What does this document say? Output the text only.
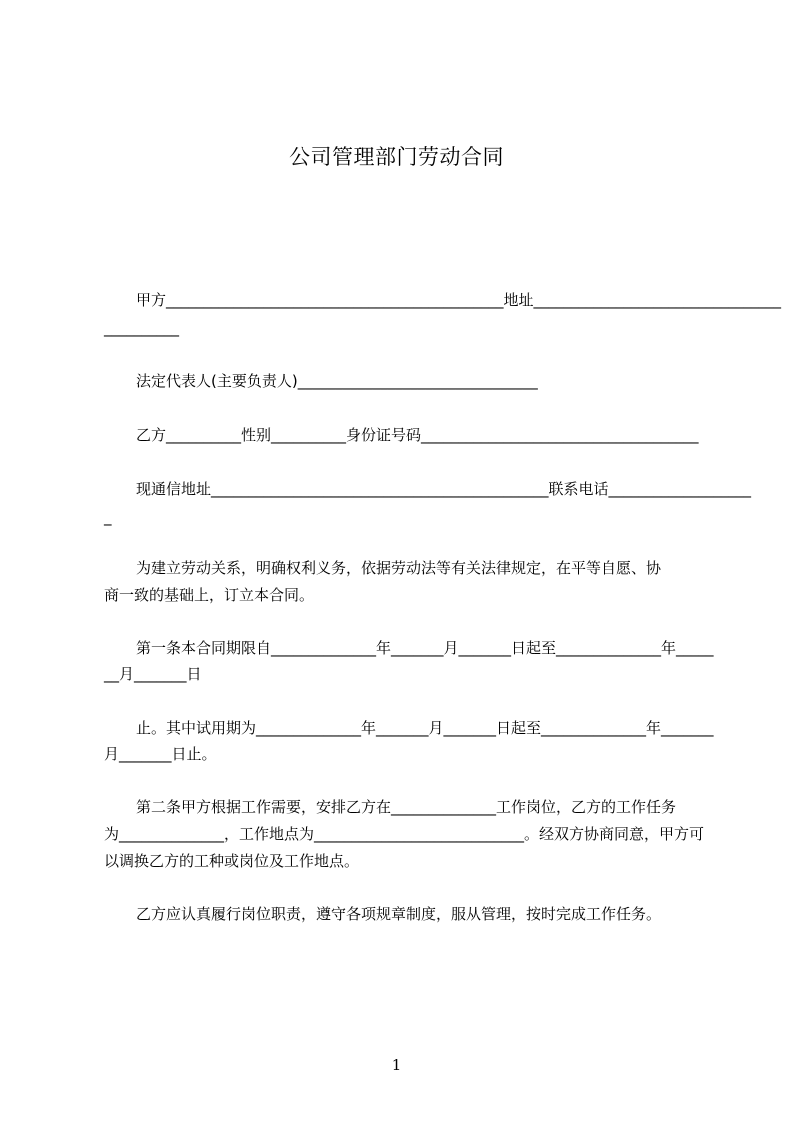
公司管理部门劳动合同
甲方_____________________________________________地址_________________________________
__________
法定代表人(主要负责人)________________________________
乙方__________性别__________身份证号码_____________________________________
现通信地址_____________________________________________联系电话___________________
_
为建立劳动关系，明确权利义务，依据劳动法等有关法律规定，在平等自愿、协
商一致的基础上，订立本合同。
第一条本合同期限自______________年_______月_______日起至______________年_____
__月_______日
止。其中试用期为______________年_______月_______日起至______________年_______
月_______日止。
第二条甲方根据工作需要，安排乙方在______________工作岗位，乙方的工作任务
为______________，工作地点为____________________________。经双方协商同意，甲方可
以调换乙方的工种或岗位及工作地点。
乙方应认真履行岗位职责，遵守各项规章制度，服从管理，按时完成工作任务。
1
